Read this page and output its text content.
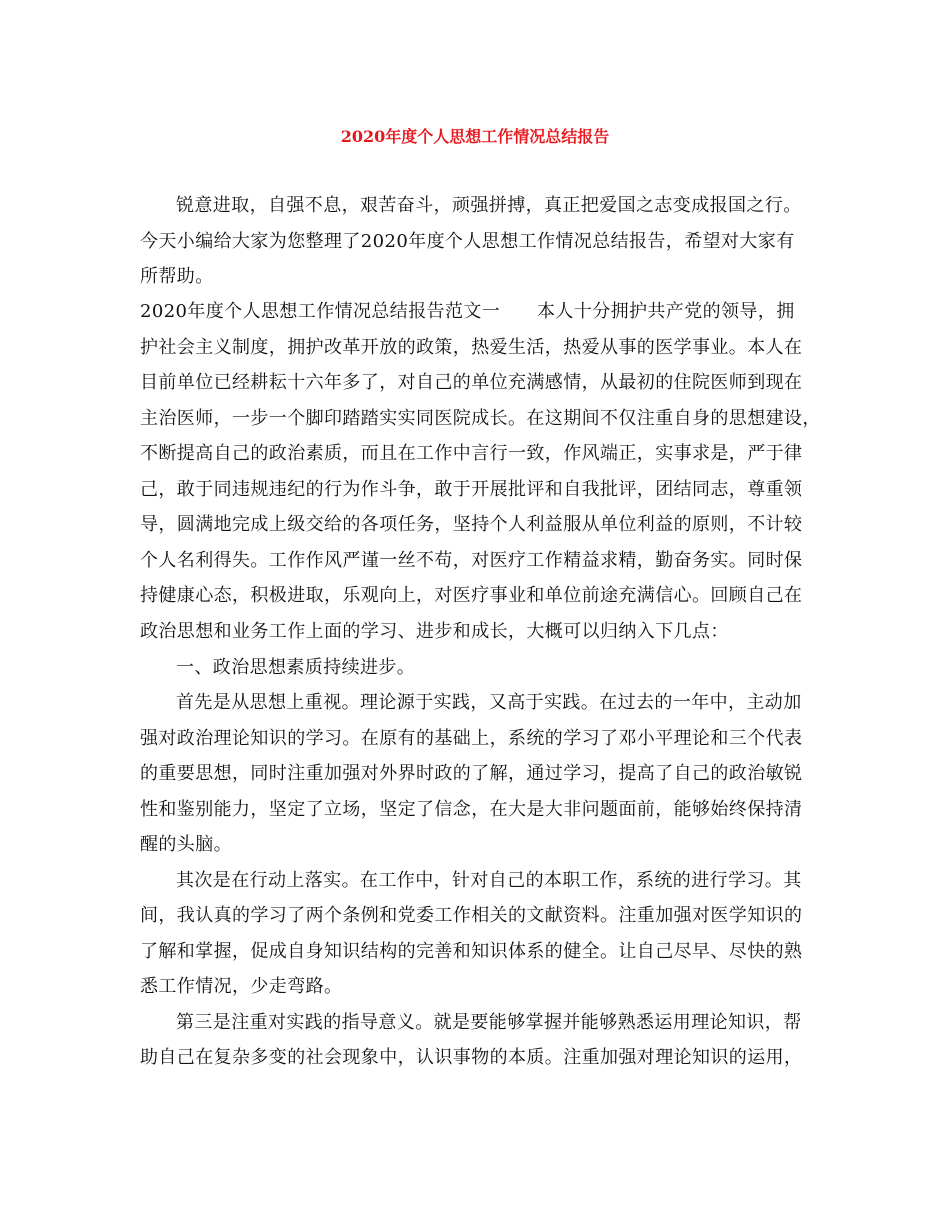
2020年度个人思想工作情况总结报告
锐意进取，自强不息，艰苦奋斗，顽强拼搏，真正把爱国之志变成报国之行。
今天小编给大家为您整理了2020年度个人思想工作情况总结报告，希望对大家有
所帮助。
2020年度个人思想工作情况总结报告范文一　　本人十分拥护共产党的领导，拥
护社会主义制度，拥护改革开放的政策，热爱生活，热爱从事的医学事业。本人在
目前单位已经耕耘十六年多了，对自己的单位充满感情，从最初的住院医师到现在
主治医师，一步一个脚印踏踏实实同医院成长。在这期间不仅注重自身的思想建设，
不断提高自己的政治素质，而且在工作中言行一致，作风端正，实事求是，严于律
己，敢于同违规违纪的行为作斗争，敢于开展批评和自我批评，团结同志，尊重领
导，圆满地完成上级交给的各项任务，坚持个人利益服从单位利益的原则，不计较
个人名利得失。工作作风严谨一丝不苟，对医疗工作精益求精，勤奋务实。同时保
持健康心态，积极进取，乐观向上，对医疗事业和单位前途充满信心。回顾自己在
政治思想和业务工作上面的学习、进步和成长，大概可以归纳入下几点：
一、政治思想素质持续进步。
首先是从思想上重视。理论源于实践，又高于实践。在过去的一年中，主动加
强对政治理论知识的学习。在原有的基础上，系统的学习了邓小平理论和三个代表
的重要思想，同时注重加强对外界时政的了解，通过学习，提高了自己的政治敏锐
性和鉴别能力，坚定了立场，坚定了信念，在大是大非问题面前，能够始终保持清
醒的头脑。
其次是在行动上落实。在工作中，针对自己的本职工作，系统的进行学习。其
间，我认真的学习了两个条例和党委工作相关的文献资料。注重加强对医学知识的
了解和掌握，促成自身知识结构的完善和知识体系的健全。让自己尽早、尽快的熟
悉工作情况，少走弯路。
第三是注重对实践的指导意义。就是要能够掌握并能够熟悉运用理论知识，帮
助自己在复杂多变的社会现象中，认识事物的本质。注重加强对理论知识的运用，
